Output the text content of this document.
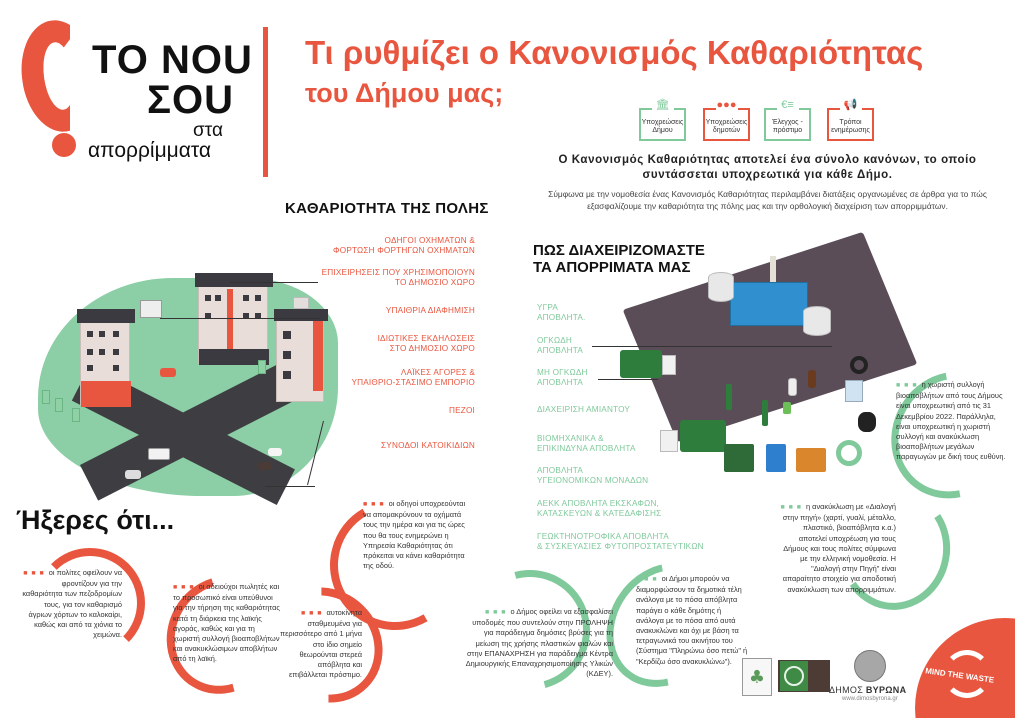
ΤΟ ΝΟU
ΣΟU
στα
απορρίμματα
Τι ρυθμίζει ο Κανονισμός Καθαριότητας
του Δήμου μας;	🏛
Υποχρεώσεις Δήμου
●●●
Υποχρεώσεις δημοτών
€≡
Έλεγχος - πρόστιμο
📢
Τρόποι ενημέρωσης
Ο Κανονισμός Καθαριότητας αποτελεί ένα σύνολο κανόνων, το οποίο συντάσσεται υποχρεωτικά για κάθε Δήμο.
Σύμφωνα με την νομοθεσία ένας Κανονισμός Καθαριότητας περιλαμβάνει διατάξεις οργανωμένες σε άρθρα για το πώς εξασφαλίζουμε την καθαριότητα της πόλης μας και την ορθολογική διαχείριση των απορριμμάτων.
ΚΑΘΑΡΙΟΤΗΤΑ ΤΗΣ ΠΟΛΗΣ
ΟΔΗΓΟΙ ΟΧΗΜΑΤΩΝ &
ΦΟΡΤΩΣΗ ΦΟΡΤΗΓΩΝ ΟΧΗΜΑΤΩΝ
ΕΠΙΧΕΙΡΗΣΕΙΣ ΠΟΥ ΧΡΗΣΙΜΟΠΟΙΟΥΝ
ΤΟ ΔΗΜΟΣΙΟ ΧΩΡΟ
ΥΠΑΙΘΡΙΑ ΔΙΑΦΗΜΙΣΗ
ΙΔΙΩΤΙΚΕΣ ΕΚΔΗΛΩΣΕΙΣ
ΣΤΟ ΔΗΜΟΣΙΟ ΧΩΡΟ
ΛΑΪΚΕΣ ΑΓΟΡΕΣ &
ΥΠΑΙΘΡΙΟ-ΣΤΑΣΙΜΟ ΕΜΠΟΡΙΟ
ΠΕΖΟΙ
ΣΥΝΟΔΟΙ ΚΑΤΟΙΚΙΔΙΩΝ
ΠΩΣ ΔΙΑΧΕΙΡΙΖΟΜΑΣΤΕ
ΤΑ ΑΠΟΡΡΙΜΑΤΑ ΜΑΣ
ΥΓΡΑ
ΑΠΟΒΛΗΤΑ.
ΟΓΚΩΔΗ
ΑΠΟΒΛΗΤΑ
ΜΗ ΟΓΚΩΔΗ
ΑΠΟΒΛΗΤΑ
ΔΙΑΧΕΙΡΙΣΗ ΑΜΙΑΝΤΟΥ
ΒΙΟΜΗΧΑΝΙΚΑ &
ΕΠΙΚΙΝΔΥΝΑ ΑΠΟΒΛΗΤΑ
ΑΠΟΒΛΗΤΑ
ΥΓΕΙΟΝΟΜΙΚΩΝ ΜΟΝΑΔΩΝ
ΑΕΚΚ ΑΠΟΒΛΗΤΑ ΕΚΣΚΑΦΩΝ,
ΚΑΤΑΣΚΕΥΩΝ & ΚΑΤΕΔΑΦΙΣΗΣ
ΓΕΩΚΤΗΝΟΤΡΟΦΙΚΑ ΑΠΟΒΛΗΤΑ
& ΣΥΣΚΕΥΑΣΙΕΣ ΦΥΤΟΠΡΟΣΤΑΤΕΥΤΙΚΩΝ
Ήξερες ότι...
■ ■ ■ οι πολίτες οφείλουν να φροντίζουν για την καθαριότητα των πεζοδρομίων τους, για τον καθαρισμό άγριων χόρτων το καλοκαίρι, καθώς και από τα χιόνια το χειμώνα.
■ ■ ■ οι αδειούχοι πωλητές και το προσωπικό είναι υπεύθυνοι για την τήρηση της καθαριότητας κατά τη διάρκεια της λαϊκής αγοράς, καθώς και για τη χωριστή συλλογή βιοαποβλήτων και ανακυκλώσιμων αποβλήτων από τη λαϊκή.
■ ■ ■ αυτοκίνητα σταθμευμένα για περισσότερο από 1 μήνα στο ίδιο σημείο θεωρούνται στερεά απόβλητα και επιβάλλεται πρόστιμο.
■ ■ ■ οι οδηγοί υποχρεούνται να απομακρύνουν τα οχήματά τους την ημέρα και για τις ώρες που θα τους ενημερώνει η Υπηρεσία Καθαριότητας ότι πρόκειται να κάνει καθαριότητα της οδού.
■ ■ ■ ο Δήμος οφείλει να εξασφαλίσει υποδομές που συντελούν στην ΠΡΟΛΗΨΗ για παράδειγμα δημόσιες βρύσες για τη μείωση της χρήσης πλαστικών φιαλών και στην ΕΠΑΝΑΧΡΗΣΗ για παράδειγμα Κέντρα Δημιουργικής Επαναχρησιμοποίησης Υλικών (ΚΔΕΥ).
■ ■ ■ οι Δήμοι μπορούν να διαμορφώσουν τα δημοτικά τέλη ανάλογα με το πόσα απόβλητα παράγει ο κάθε δημότης ή ανάλογα με το πόσα από αυτά ανακυκλώνει και όχι με βάση τα τετραγωνικά του ακινήτου του (Σύστημα "Πληρώνω όσο πετώ" ή "Κερδίζω όσο ανακυκλώνω").
■ ■ ■ η ανακύκλωση με «Διαλογή στην πηγή» (χαρτί, γυαλί, μέταλλο, πλαστικό, βιοαπόβλητα κ.α.) αποτελεί υποχρέωση για τους Δήμους και τους πολίτες σύμφωνα με την ελληνική νομοθεσία. Η "Διαλογή στην Πηγή" είναι απαραίτητο στοιχείο για αποδοτική ανακύκλωση των απορριμμάτων.
■ ■ ■ η χωριστή συλλογή βιοαποβλήτων από τους Δήμους είναι υποχρεωτική από τις 31 Δεκεμβρίου 2022. Παράλληλα, είναι υποχρεωτική η χωριστή συλλογή και ανακύκλωση βιοαποβλήτων μεγάλων παραγωγών με δική τους ευθύνη.
♣
ΔΗΜΟΣ ΒΥΡΩΝΑ
www.dimosbyrona.gr
MIND THE WASTE
